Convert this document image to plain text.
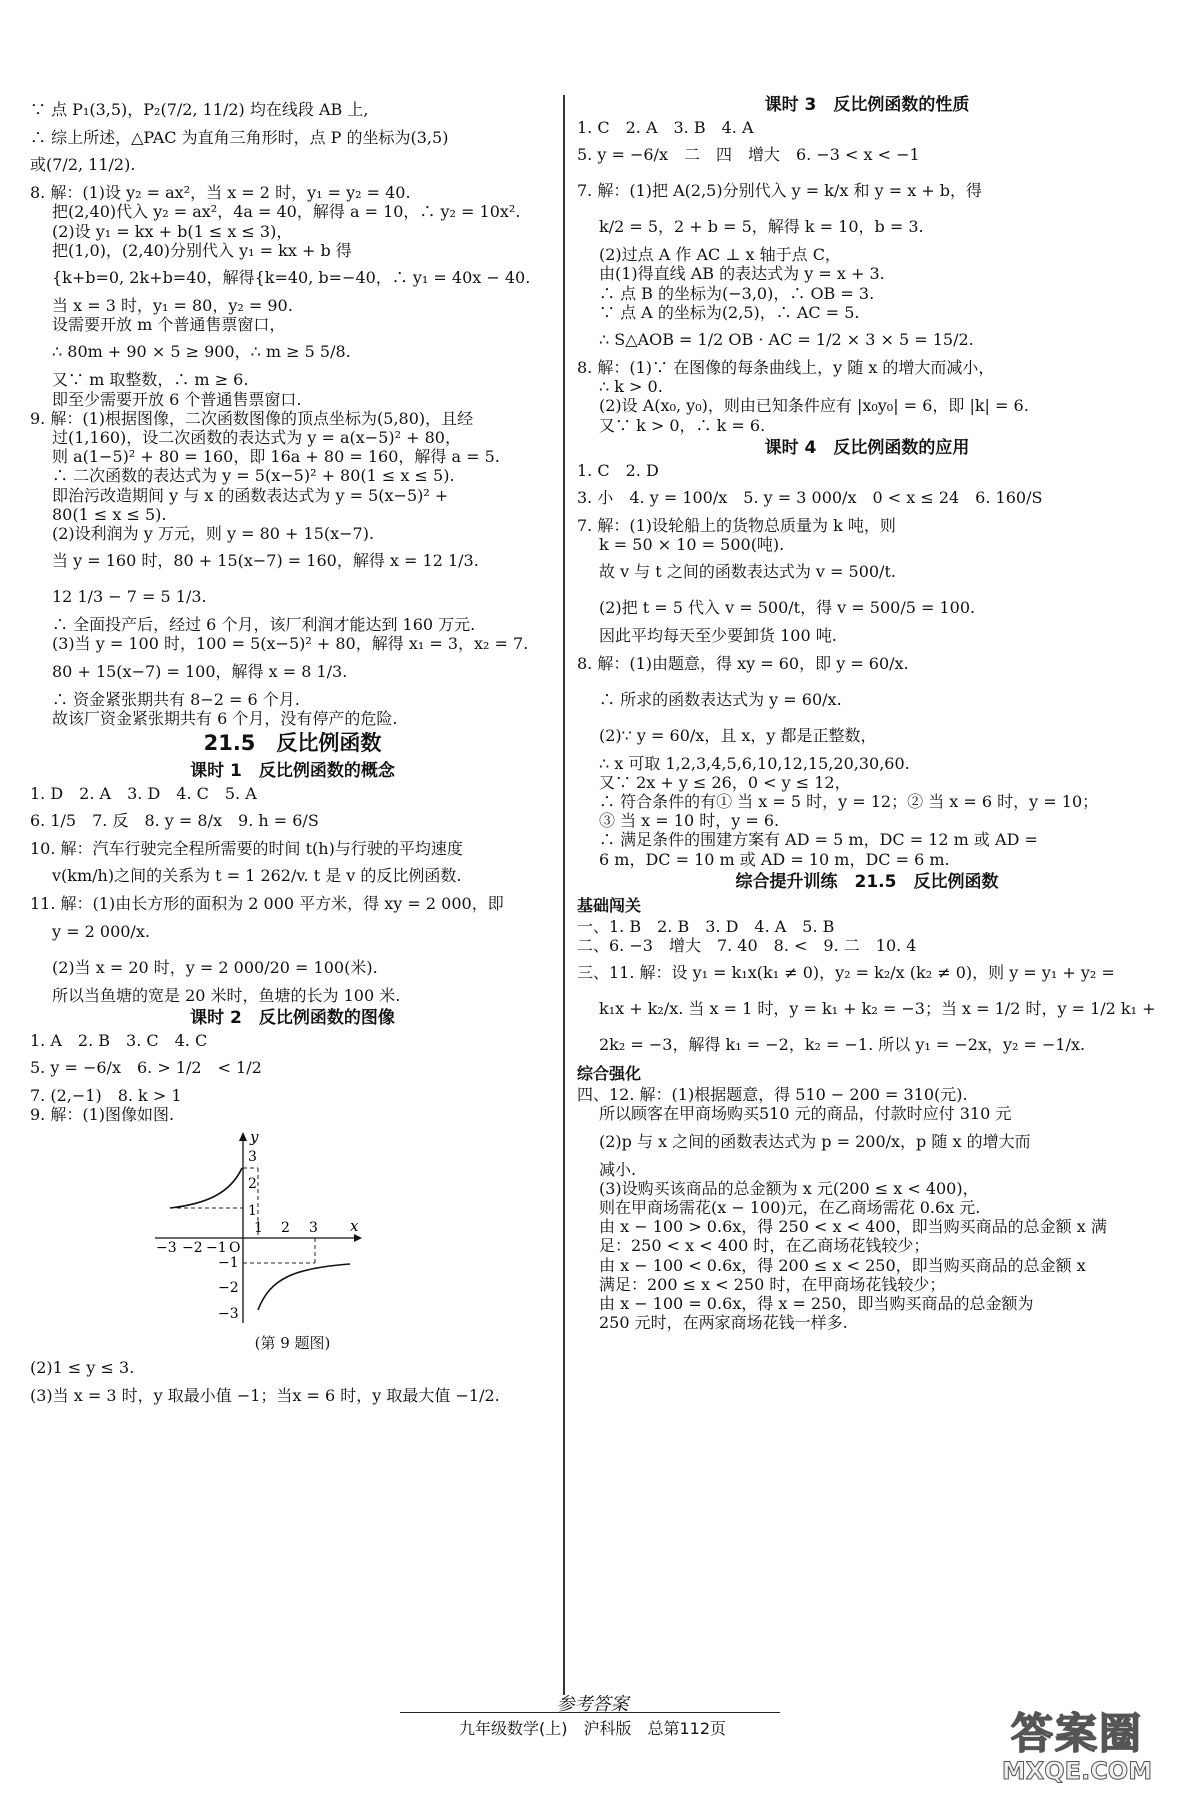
∵ 点 P₁(3,5)，P₂(7/2, 11/2) 均在线段 AB 上,
∴ 综上所述，△PAC 为直角三角形时，点 P 的坐标为(3,5)
或(7/2, 11/2).
8. 解：(1)设 y₂ = ax²，当 x = 2 时，y₁ = y₂ = 40.
把(2,40)代入 y₂ = ax²，4a = 40，解得 a = 10，∴ y₂ = 10x².
(2)设 y₁ = kx + b(1 ≤ x ≤ 3)，
把(1,0)，(2,40)分别代入 y₁ = kx + b 得
{k+b=0, 2k+b=40，解得{k=40, b=−40，∴ y₁ = 40x − 40.
当 x = 3 时，y₁ = 80，y₂ = 90.
设需要开放 m 个普通售票窗口，
∴ 80m + 90 × 5 ≥ 900，∴ m ≥ 5 5/8.
又∵ m 取整数，∴ m ≥ 6.
即至少需要开放 6 个普通售票窗口.
9. 解：(1)根据图像，二次函数图像的顶点坐标为(5,80)，且经
过(1,160)，设二次函数的表达式为 y = a(x−5)² + 80，
则 a(1−5)² + 80 = 160，即 16a + 80 = 160，解得 a = 5.
∴ 二次函数的表达式为 y = 5(x−5)² + 80(1 ≤ x ≤ 5).
即治污改造期间 y 与 x 的函数表达式为 y = 5(x−5)² +
80(1 ≤ x ≤ 5).
(2)设利润为 y 万元，则 y = 80 + 15(x−7).
当 y = 160 时，80 + 15(x−7) = 160，解得 x = 12 1/3.
12 1/3 − 7 = 5 1/3.
∴ 全面投产后，经过 6 个月，该厂利润才能达到 160 万元.
(3)当 y = 100 时，100 = 5(x−5)² + 80，解得 x₁ = 3，x₂ = 7.
80 + 15(x−7) = 100，解得 x = 8 1/3.
∴ 资金紧张期共有 8−2 = 6 个月.
故该厂资金紧张期共有 6 个月，没有停产的危险.
21.5　反比例函数
课时 1　反比例函数的概念
1. D　2. A　3. D　4. C　5. A
6. 1/5　7. 反　8. y = 8/x　9. h = 6/S
10. 解：汽车行驶完全程所需要的时间 t(h)与行驶的平均速度
v(km/h)之间的关系为 t = 1 262/v. t 是 v 的反比例函数.
11. 解：(1)由长方形的面积为 2 000 平方米，得 xy = 2 000，即
y = 2 000/x.
(2)当 x = 20 时，y = 2 000/20 = 100(米).
所以当鱼塘的宽是 20 米时，鱼塘的长为 100 米.
课时 2　反比例函数的图像
1. A　2. B　3. C　4. C
5. y = −6/x　6. > 1/2　< 1/2
7. (2,−1)　8. k > 1
9. 解：(1)图像如图.
y
x
O
−3 −2 −1
1 2 3
3
2
1
−1
−2
−3
(第 9 题图)
(2)1 ≤ y ≤ 3.
(3)当 x = 3 时，y 取最小值 −1；当x = 6 时，y 取最大值 −1/2.
课时 3　反比例函数的性质
1. C　2. A　3. B　4. A
5. y = −6/x　二　四　增大　6. −3 < x < −1
7. 解：(1)把 A(2,5)分别代入 y = k/x 和 y = x + b，得
k/2 = 5，2 + b = 5，解得 k = 10，b = 3.
(2)过点 A 作 AC ⊥ x 轴于点 C，
由(1)得直线 AB 的表达式为 y = x + 3.
∴ 点 B 的坐标为(−3,0)，∴ OB = 3.
∵ 点 A 的坐标为(2,5)，∴ AC = 5.
∴ S△AOB = 1/2 OB · AC = 1/2 × 3 × 5 = 15/2.
8. 解：(1)∵ 在图像的每条曲线上，y 随 x 的增大而减小，
∴ k > 0.
(2)设 A(x₀, y₀)，则由已知条件应有 |x₀y₀| = 6，即 |k| = 6.
又∵ k > 0，∴ k = 6.
课时 4　反比例函数的应用
1. C　2. D
3. 小　4. y = 100/x　5. y = 3 000/x　0 < x ≤ 24　6. 160/S
7. 解：(1)设轮船上的货物总质量为 k 吨，则
k = 50 × 10 = 500(吨).
故 v 与 t 之间的函数表达式为 v = 500/t.
(2)把 t = 5 代入 v = 500/t，得 v = 500/5 = 100.
因此平均每天至少要卸货 100 吨.
8. 解：(1)由题意，得 xy = 60，即 y = 60/x.
∴ 所求的函数表达式为 y = 60/x.
(2)∵ y = 60/x，且 x，y 都是正整数，
∴ x 可取 1,2,3,4,5,6,10,12,15,20,30,60.
又∵ 2x + y ≤ 26，0 < y ≤ 12，
∴ 符合条件的有① 当 x = 5 时，y = 12；② 当 x = 6 时，y = 10；
③ 当 x = 10 时，y = 6.
∴ 满足条件的围建方案有 AD = 5 m，DC = 12 m 或 AD =
6 m，DC = 10 m 或 AD = 10 m，DC = 6 m.
综合提升训练　21.5　反比例函数
基础闯关
一、1. B　2. B　3. D　4. A　5. B
二、6. −3　增大　7. 40　8. <　9. 二　10. 4
三、11. 解：设 y₁ = k₁x(k₁ ≠ 0)，y₂ = k₂/x (k₂ ≠ 0)，则 y = y₁ + y₂ =
k₁x + k₂/x. 当 x = 1 时，y = k₁ + k₂ = −3；当 x = 1/2 时，y = 1/2 k₁ +
2k₂ = −3，解得 k₁ = −2，k₂ = −1. 所以 y₁ = −2x，y₂ = −1/x.
综合强化
四、12. 解：(1)根据题意，得 510 − 200 = 310(元).
所以顾客在甲商场购买510 元的商品，付款时应付 310 元
(2)p 与 x 之间的函数表达式为 p = 200/x，p 随 x 的增大而
减小.
(3)设购买该商品的总金额为 x 元(200 ≤ x < 400)，
则在甲商场需花(x − 100)元，在乙商场需花 0.6x 元.
由 x − 100 > 0.6x，得 250 < x < 400，即当购买商品的总金额 x 满
足：250 < x < 400 时，在乙商场花钱较少；
由 x − 100 < 0.6x，得 200 ≤ x < 250，即当购买商品的总金额 x
满足：200 ≤ x < 250 时，在甲商场花钱较少；
由 x − 100 = 0.6x，得 x = 250，即当购买商品的总金额为
250 元时，在两家商场花钱一样多.
参考答案
九年级数学(上)　沪科版　总第112页	答案圈
MXQE.COM
